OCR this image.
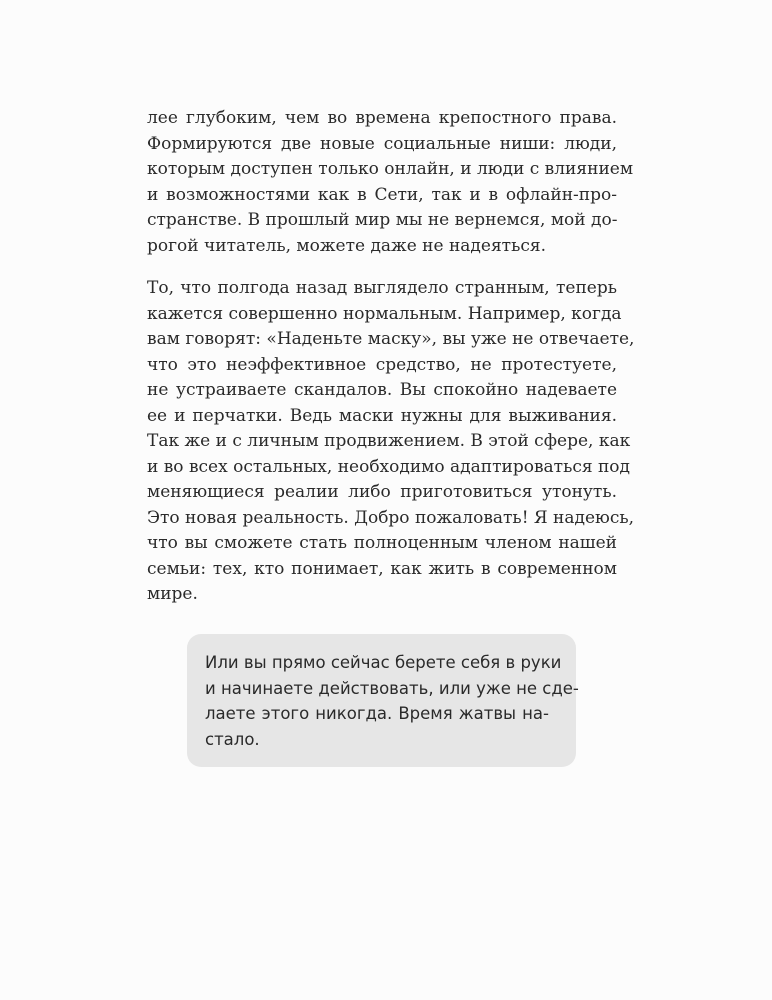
лее глубоким, чем во времена крепостного права.
Формируются две новые социальные ниши: люди,
которым доступен только онлайн, и люди с влиянием
и возможностями как в Сети, так и в офлайн-про-
странстве. В прошлый мир мы не вернемся, мой до-
рогой читатель, можете даже не надеяться.
То, что полгода назад выглядело странным, теперь
кажется совершенно нормальным. Например, когда
вам говорят: «Наденьте маску», вы уже не отвечаете,
что это неэффективное средство, не протестуете,
не устраиваете скандалов. Вы спокойно надеваете
ее и перчатки. Ведь маски нужны для выживания.
Так же и с личным продвижением. В этой сфере, как
и во всех остальных, необходимо адаптироваться под
меняющиеся реалии либо приготовиться утонуть.
Это новая реальность. Добро пожаловать! Я надеюсь,
что вы сможете стать полноценным членом нашей
семьи: тех, кто понимает, как жить в современном
мире.
Или вы прямо сейчас берете себя в руки
и начинаете действовать, или уже не сде-
лаете этого никогда. Время жатвы на-
стало.
